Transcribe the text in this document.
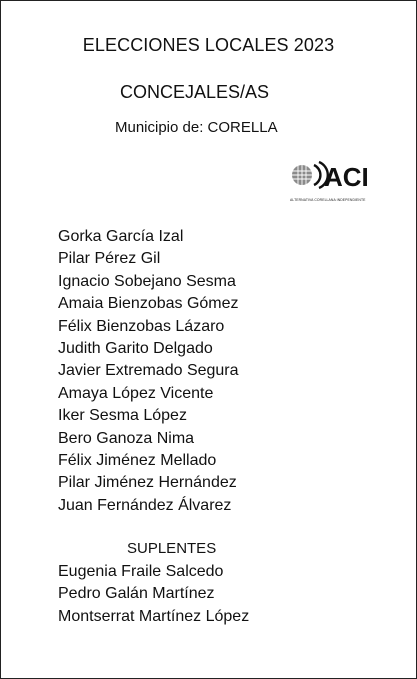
ELECCIONES LOCALES 2023
CONCEJALES/AS
Municipio de: CORELLA
ACI
ALTERNATIVA CORELLANA INDEPENDIENTE
Gorka García Izal
Pilar Pérez Gil
Ignacio Sobejano Sesma
Amaia Bienzobas Gómez
Félix Bienzobas Lázaro
Judith Garito Delgado
Javier Extremado Segura
Amaya López Vicente
Iker Sesma López
Bero Ganoza Nima
Félix Jiménez Mellado
Pilar Jiménez Hernández
Juan Fernández Álvarez
SUPLENTES
Eugenia Fraile Salcedo
Pedro Galán Martínez
Montserrat Martínez López
